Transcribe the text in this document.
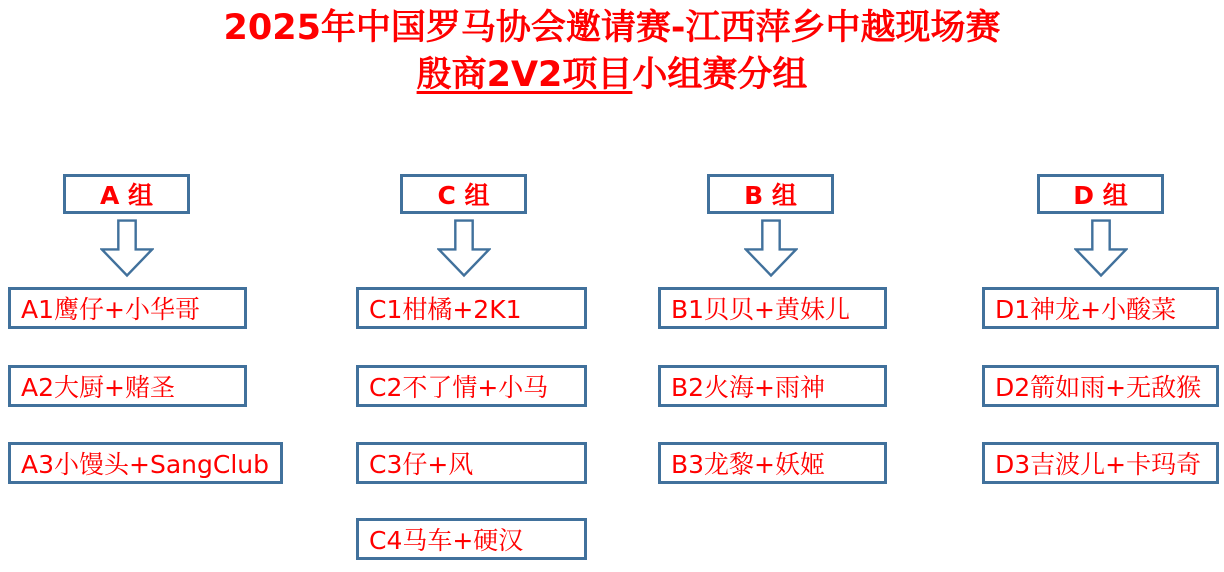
2025年中国罗马协会邀请赛-江西萍乡中越现场赛
殷商2V2项目小组赛分组
A 组
A1鹰仔+小华哥
A2大厨+赌圣
A3小馒头+SangClub
C 组
C1柑橘+2K1
C2不了情+小马
C3仔+风
C4马车+硬汉
B 组
B1贝贝+黄妹儿
B2火海+雨神
B3龙黎+妖姬
D 组
D1神龙+小酸菜
D2箭如雨+无敌猴
D3吉波儿+卡玛奇
